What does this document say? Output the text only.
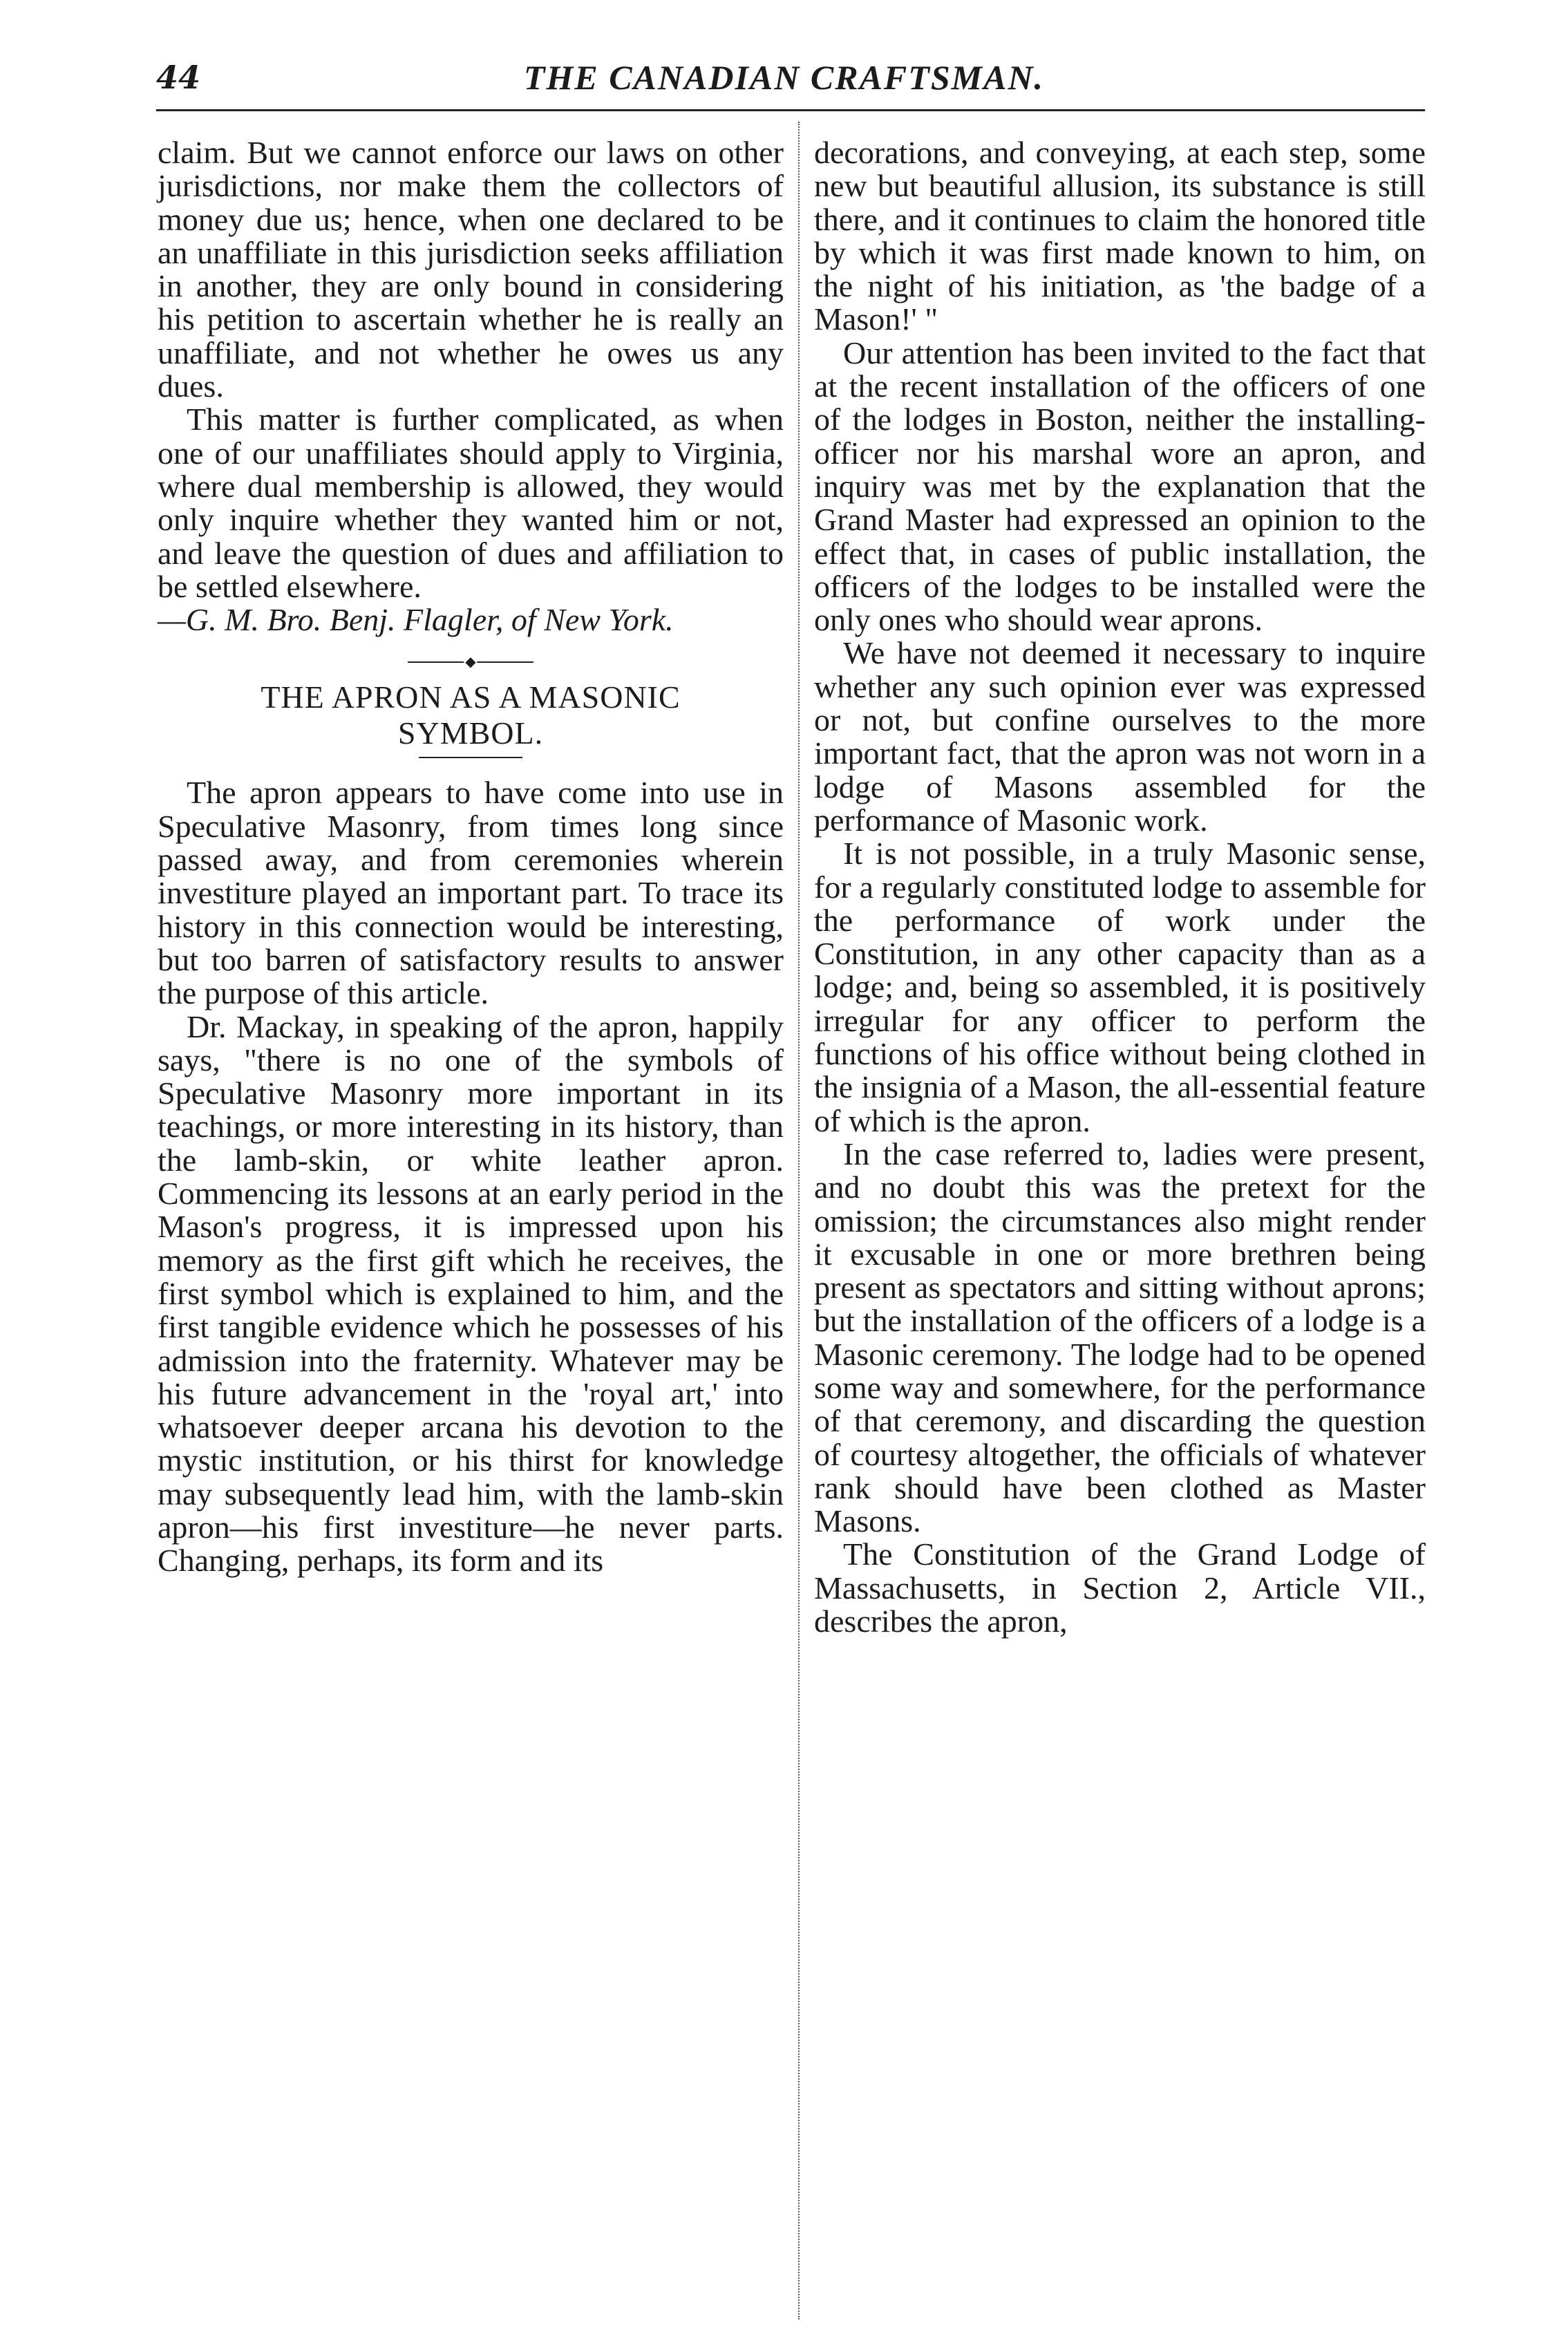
44	THE CANADIAN CRAFTSMAN.

claim. But we cannot enforce our laws on other jurisdictions, nor make them the collectors of money due us; hence, when one declared to be an unaffiliate in this jurisdiction seeks affiliation in another, they are only bound in considering his petition to ascertain whether he is really an unaffiliate, and not whether he owes us any dues.

This matter is further complicated, as when one of our unaffiliates should apply to Virginia, where dual membership is allowed, they would only inquire whether they wanted him or not, and leave the question of dues and affiliation to be settled elsewhere.

—G. M. Bro. Benj. Flagler, of New York.

◆
THE APRON AS A MASONIC
SYMBOL.

The apron appears to have come into use in Speculative Masonry, from times long since passed away, and from ceremonies wherein investiture played an important part. To trace its history in this connection would be interesting, but too barren of satisfactory results to answer the purpose of this article.

Dr. Mackay, in speaking of the apron, happily says, "there is no one of the symbols of Speculative Masonry more important in its teachings, or more interesting in its history, than the lamb-skin, or white leather apron. Commencing its lessons at an early period in the Mason's progress, it is impressed upon his memory as the first gift which he receives, the first symbol which is explained to him, and the first tangible evidence which he possesses of his admission into the fraternity. Whatever may be his future advancement in the 'royal art,' into whatsoever deeper arcana his devotion to the mystic institution, or his thirst for knowledge may subsequently lead him, with the lamb-skin apron—his first investiture—he never parts. Changing, perhaps, its form and its

decorations, and conveying, at each step, some new but beautiful allusion, its substance is still there, and it continues to claim the honored title by which it was first made known to him, on the night of his initiation, as 'the badge of a Mason!' "

Our attention has been invited to the fact that at the recent installation of the officers of one of the lodges in Boston, neither the installing-officer nor his marshal wore an apron, and inquiry was met by the explanation that the Grand Master had expressed an opinion to the effect that, in cases of public installation, the officers of the lodges to be installed were the only ones who should wear aprons.

We have not deemed it necessary to inquire whether any such opinion ever was expressed or not, but confine ourselves to the more important fact, that the apron was not worn in a lodge of Masons assembled for the performance of Masonic work.

It is not possible, in a truly Masonic sense, for a regularly constituted lodge to assemble for the performance of work under the Constitution, in any other capacity than as a lodge; and, being so assembled, it is positively irregular for any officer to perform the functions of his office without being clothed in the insignia of a Mason, the all-essential feature of which is the apron.

In the case referred to, ladies were present, and no doubt this was the pretext for the omission; the circumstances also might render it excusable in one or more brethren being present as spectators and sitting without aprons; but the installation of the officers of a lodge is a Masonic ceremony. The lodge had to be opened some way and somewhere, for the performance of that ceremony, and discarding the question of courtesy altogether, the officials of whatever rank should have been clothed as Master Masons.

The Constitution of the Grand Lodge of Massachusetts, in Section 2, Article VII., describes the apron,
